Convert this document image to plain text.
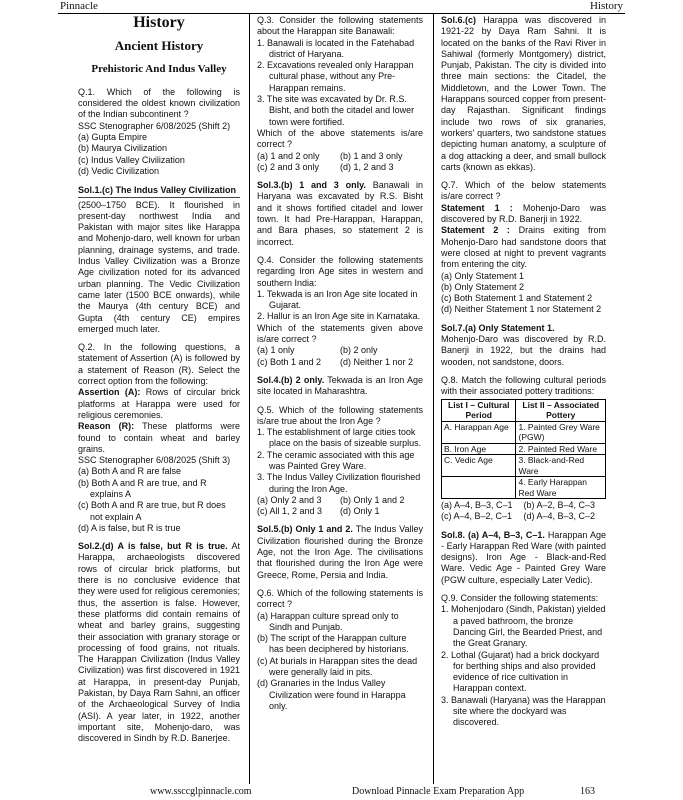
Pinnacle	History
History
Ancient History
Prehistoric And Indus Valley

Q.1. Which of the following is considered the oldest known civilization of the Indian subcontinent ?

SSC Stenographer 6/08/2025 (Shift 2)

(a) Gupta Empire
(b) Maurya Civilization
(c) Indus Valley Civilization
(d) Vedic Civilization
Sol.1.(c) The Indus Valley Civilization

(2500–1750 BCE). It flourished in present-day northwest India and Pakistan with major sites like Harappa and Mohenjo-daro, well known for urban planning, drainage systems, and trade. Indus Valley Civilization was a Bronze Age civilization noted for its advanced urban planning. The Vedic Civilization came later (1500 BCE onwards), while the Maurya (4th century BCE) and Gupta (4th century CE) empires emerged much later.

Q.2. In the following questions, a statement of Assertion (A) is followed by a statement of Reason (R). Select the correct option from the following:

Assertion (A): Rows of circular brick platforms at Harappa were used for religious ceremonies.

Reason (R): These platforms were found to contain wheat and barley grains.

SSC Stenographer 6/08/2025 (Shift 3)

(a) Both A and R are false
(b) Both A and R are true, and R explains A
(c) Both A and R are true, but R does not explain A
(d) A is false, but R is true

Sol.2.(d) A is false, but R is true. At Harappa, archaeologists discovered rows of circular brick platforms, but there is no conclusive evidence that they were used for religious ceremonies; thus, the assertion is false. However, these platforms did contain remains of wheat and barley grains, suggesting their association with granary storage or processing of food grains, not rituals. The Harappan Civilization (Indus Valley Civilization) was first discovered in 1921 at Harappa, in present-day Punjab, Pakistan, by Daya Ram Sahni, an officer of the Archaeological Survey of India (ASI). A year later, in 1922, another important site, Mohenjo-daro, was discovered in Sindh by R.D. Banerjee.

Q.3. Consider the following statements about the Harappan site Banawali:

1. Banawali is located in the Fatehabad district of Haryana.
2. Excavations revealed only Harappan cultural phase, without any Pre-Harappan remains.
3. The site was excavated by Dr. R.S. Bisht, and both the citadel and lower town were fortified.

Which of the above statements is/are correct ?

(a) 1 and 2 only	(b) 1 and 3 only
(c) 2 and 3 only	(d) 1, 2 and 3

Sol.3.(b) 1 and 3 only. Banawali in Haryana was excavated by R.S. Bisht and it shows fortified citadel and lower town. It had Pre-Harappan, Harappan, and Bara phases, so statement 2 is incorrect.

Q.4. Consider the following statements regarding Iron Age sites in western and southern India:

1. Tekwada is an Iron Age site located in Gujarat.
2. Hallur is an Iron Age site in Karnataka.

Which of the statements given above is/are correct ?

(a) 1 only	(b) 2 only
(c) Both 1 and 2	(d) Neither 1 nor 2

Sol.4.(b) 2 only. Tekwada is an Iron Age site located in Maharashtra.

Q.5. Which of the following statements is/are true about the Iron Age ?

1. The establishment of large cities took place on the basis of sizeable surplus.
2. The ceramic associated with this age was Painted Grey Ware.
3. The Indus Valley Civilization flourished during the Iron Age.
(a) Only 2 and 3	(b) Only 1 and 2
(c) All 1, 2 and 3	(d) Only 1

Sol.5.(b) Only 1 and 2. The Indus Valley Civilization flourished during the Bronze Age, not the Iron Age. The civilisations that flourished during the Iron Age were Greece, Rome, Persia and India.

Q.6. Which of the following statements is correct ?

(a) Harappan culture spread only to Sindh and Punjab.
(b) The script of the Harappan culture has been deciphered by historians.
(c) At burials in Harappan sites the dead were generally laid in pits.
(d) Granaries in the Indus Valley Civilization were found in Harappa only.

Sol.6.(c) Harappa was discovered in 1921-22 by Daya Ram Sahni. It is located on the banks of the Ravi River in Sahiwal (formerly Montgomery) district, Punjab, Pakistan. The city is divided into three main sections: the Citadel, the Middletown, and the Lower Town. The Harappans sourced copper from present-day Rajasthan. Significant findings include two rows of six granaries, workers' quarters, two sandstone statues depicting human anatomy, a sculpture of a dog attacking a deer, and small bullock carts (known as ekkas).

Q.7. Which of the below statements is/are correct ?

Statement 1 : Mohenjo-Daro was discovered by R.D. Banerji in 1922.

Statement 2 : Drains exiting from Mohenjo-Daro had sandstone doors that were closed at night to prevent vagrants from entering the city.

(a) Only Statement 1
(b) Only Statement 2
(c) Both Statement 1 and Statement 2
(d) Neither Statement 1 nor Statement 2
Sol.7.(a) Only Statement 1.

Mohenjo-Daro was discovered by R.D. Banerji in 1922, but the drains had wooden, not sandstone, doors.

Q.8. Match the following cultural periods with their associated pottery traditions:

List I – Cultural Period	List II – Associated Pottery
A. Harappan Age	1. Painted Grey Ware (PGW)
B. Iron Age	2. Painted Red Ware
C. Vedic Age	3. Black-and-Red Ware
	4. Early Harappan Red Ware
(a) A–4, B–3, C–1	(b) A–2, B–4, C–3
(c) A–4, B–2, C–1	(d) A–4, B–3, C–2

Sol.8. (a) A–4, B–3, C–1. Harappan Age - Early Harappan Red Ware (with painted designs). Iron Age - Black-and-Red Ware. Vedic Age - Painted Grey Ware (PGW culture, especially Later Vedic).

Q.9. Consider the following statements:

1. Mohenjodaro (Sindh, Pakistan) yielded a paved bathroom, the bronze Dancing Girl, the Bearded Priest, and the Great Granary.
2. Lothal (Gujarat) had a brick dockyard for berthing ships and also provided evidence of rice cultivation in Harappan context.
3. Banawali (Haryana) was the Harappan site where the dockyard was discovered.
www.ssccglpinnacle.com	Download Pinnacle Exam Preparation App	163
